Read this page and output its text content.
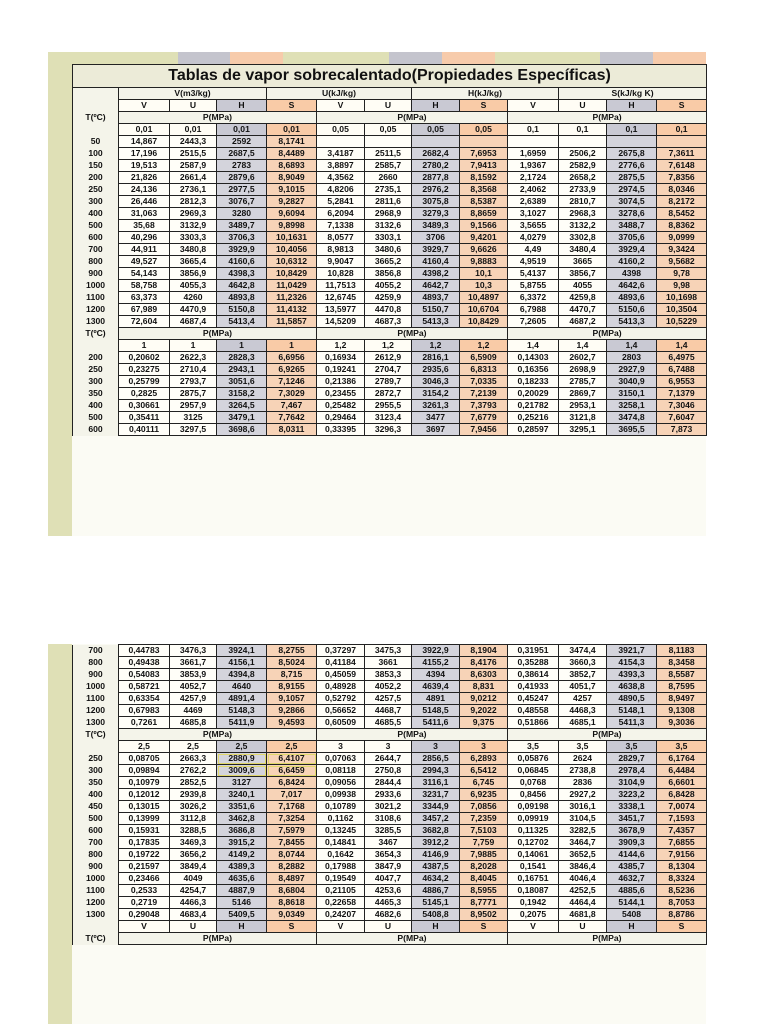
Tablas de vapor sobrecalentado(Propiedades Específicas)												
	V(m3/kg)			U(kJ/kg)			H(kJ/kg)			S(kJ/kg K)		
	V	U	H	S	V	U	H	S	V	U	H	S
T(ºC)	P(MPa)				P(MPa)				P(MPa)			
	0,01	0,01	0,01	0,01	0,05	0,05	0,05	0,05	0,1	0,1	0,1	0,1
50	14,867	2443,3	2592	8,1741								
100	17,196	2515,5	2687,5	8,4489	3,4187	2511,5	2682,4	7,6953	1,6959	2506,2	2675,8	7,3611
150	19,513	2587,9	2783	8,6893	3,8897	2585,7	2780,2	7,9413	1,9367	2582,9	2776,6	7,6148
200	21,826	2661,4	2879,6	8,9049	4,3562	2660	2877,8	8,1592	2,1724	2658,2	2875,5	7,8356
250	24,136	2736,1	2977,5	9,1015	4,8206	2735,1	2976,2	8,3568	2,4062	2733,9	2974,5	8,0346
300	26,446	2812,3	3076,7	9,2827	5,2841	2811,6	3075,8	8,5387	2,6389	2810,7	3074,5	8,2172
400	31,063	2969,3	3280	9,6094	6,2094	2968,9	3279,3	8,8659	3,1027	2968,3	3278,6	8,5452
500	35,68	3132,9	3489,7	9,8998	7,1338	3132,6	3489,3	9,1566	3,5655	3132,2	3488,7	8,8362
600	40,296	3303,3	3706,3	10,1631	8,0577	3303,1	3706	9,4201	4,0279	3302,8	3705,6	9,0999
700	44,911	3480,8	3929,9	10,4056	8,9813	3480,6	3929,7	9,6626	4,49	3480,4	3929,4	9,3424
800	49,527	3665,4	4160,6	10,6312	9,9047	3665,2	4160,4	9,8883	4,9519	3665	4160,2	9,5682
900	54,143	3856,9	4398,3	10,8429	10,828	3856,8	4398,2	10,1	5,4137	3856,7	4398	9,78
1000	58,758	4055,3	4642,8	11,0429	11,7513	4055,2	4642,7	10,3	5,8755	4055	4642,6	9,98
1100	63,373	4260	4893,8	11,2326	12,6745	4259,9	4893,7	10,4897	6,3372	4259,8	4893,6	10,1698
1200	67,989	4470,9	5150,8	11,4132	13,5977	4470,8	5150,7	10,6704	6,7988	4470,7	5150,6	10,3504
1300	72,604	4687,4	5413,4	11,5857	14,5209	4687,3	5413,3	10,8429	7,2605	4687,2	5413,3	10,5229
T(ºC)	P(MPa)				P(MPa)				P(MPa)			
	1	1	1	1	1,2	1,2	1,2	1,2	1,4	1,4	1,4	1,4
200	0,20602	2622,3	2828,3	6,6956	0,16934	2612,9	2816,1	6,5909	0,14303	2602,7	2803	6,4975
250	0,23275	2710,4	2943,1	6,9265	0,19241	2704,7	2935,6	6,8313	0,16356	2698,9	2927,9	6,7488
300	0,25799	2793,7	3051,6	7,1246	0,21386	2789,7	3046,3	7,0335	0,18233	2785,7	3040,9	6,9553
350	0,2825	2875,7	3158,2	7,3029	0,23455	2872,7	3154,2	7,2139	0,20029	2869,7	3150,1	7,1379
400	0,30661	2957,9	3264,5	7,467	0,25482	2955,5	3261,3	7,3793	0,21782	2953,1	3258,1	7,3046
500	0,35411	3125	3479,1	7,7642	0,29464	3123,4	3477	7,6779	0,25216	3121,8	3474,8	7,6047
600	0,40111	3297,5	3698,6	8,0311	0,33395	3296,3	3697	7,9456	0,28597	3295,1	3695,5	7,873
700	0,44783	3476,3	3924,1	8,2755	0,37297	3475,3	3922,9	8,1904	0,31951	3474,4	3921,7	8,1183
800	0,49438	3661,7	4156,1	8,5024	0,41184	3661	4155,2	8,4176	0,35288	3660,3	4154,3	8,3458
900	0,54083	3853,9	4394,8	8,715	0,45059	3853,3	4394	8,6303	0,38614	3852,7	4393,3	8,5587
1000	0,58721	4052,7	4640	8,9155	0,48928	4052,2	4639,4	8,831	0,41933	4051,7	4638,8	8,7595
1100	0,63354	4257,9	4891,4	9,1057	0,52792	4257,5	4891	9,0212	0,45247	4257	4890,5	8,9497
1200	0,67983	4469	5148,3	9,2866	0,56652	4468,7	5148,5	9,2022	0,48558	4468,3	5148,1	9,1308
1300	0,7261	4685,8	5411,9	9,4593	0,60509	4685,5	5411,6	9,375	0,51866	4685,1	5411,3	9,3036
T(ºC)	P(MPa)				P(MPa)				P(MPa)			
	2,5	2,5	2,5	2,5	3	3	3	3	3,5	3,5	3,5	3,5
250	0,08705	2663,3	2880,9	6,4107	0,07063	2644,7	2856,5	6,2893	0,05876	2624	2829,7	6,1764
300	0,09894	2762,2	3009,6	6,6459	0,08118	2750,8	2994,3	6,5412	0,06845	2738,8	2978,4	6,4484
350	0,10979	2852,5	3127	6,8424	0,09056	2844,4	3116,1	6,745	0,0768	2836	3104,9	6,6601
400	0,12012	2939,8	3240,1	7,017	0,09938	2933,6	3231,7	6,9235	0,8456	2927,2	3223,2	6,8428
450	0,13015	3026,2	3351,6	7,1768	0,10789	3021,2	3344,9	7,0856	0,09198	3016,1	3338,1	7,0074
500	0,13999	3112,8	3462,8	7,3254	0,1162	3108,6	3457,2	7,2359	0,09919	3104,5	3451,7	7,1593
600	0,15931	3288,5	3686,8	7,5979	0,13245	3285,5	3682,8	7,5103	0,11325	3282,5	3678,9	7,4357
700	0,17835	3469,3	3915,2	7,8455	0,14841	3467	3912,2	7,759	0,12702	3464,7	3909,3	7,6855
800	0,19722	3656,2	4149,2	8,0744	0,1642	3654,3	4146,9	7,9885	0,14061	3652,5	4144,6	7,9156
900	0,21597	3849,4	4389,3	8,2882	0,17988	3847,9	4387,5	8,2028	0,1541	3846,4	4385,7	8,1304
1000	0,23466	4049	4635,6	8,4897	0,19549	4047,7	4634,2	8,4045	0,16751	4046,4	4632,7	8,3324
1100	0,2533	4254,7	4887,9	8,6804	0,21105	4253,6	4886,7	8,5955	0,18087	4252,5	4885,6	8,5236
1200	0,2719	4466,3	5146	8,8618	0,22658	4465,3	5145,1	8,7771	0,1942	4464,4	5144,1	8,7053
1300	0,29048	4683,4	5409,5	9,0349	0,24207	4682,6	5408,8	8,9502	0,2075	4681,8	5408	8,8786
	V	U	H	S	V	U	H	S	V	U	H	S
T(ºC)	P(MPa)				P(MPa)				P(MPa)			
